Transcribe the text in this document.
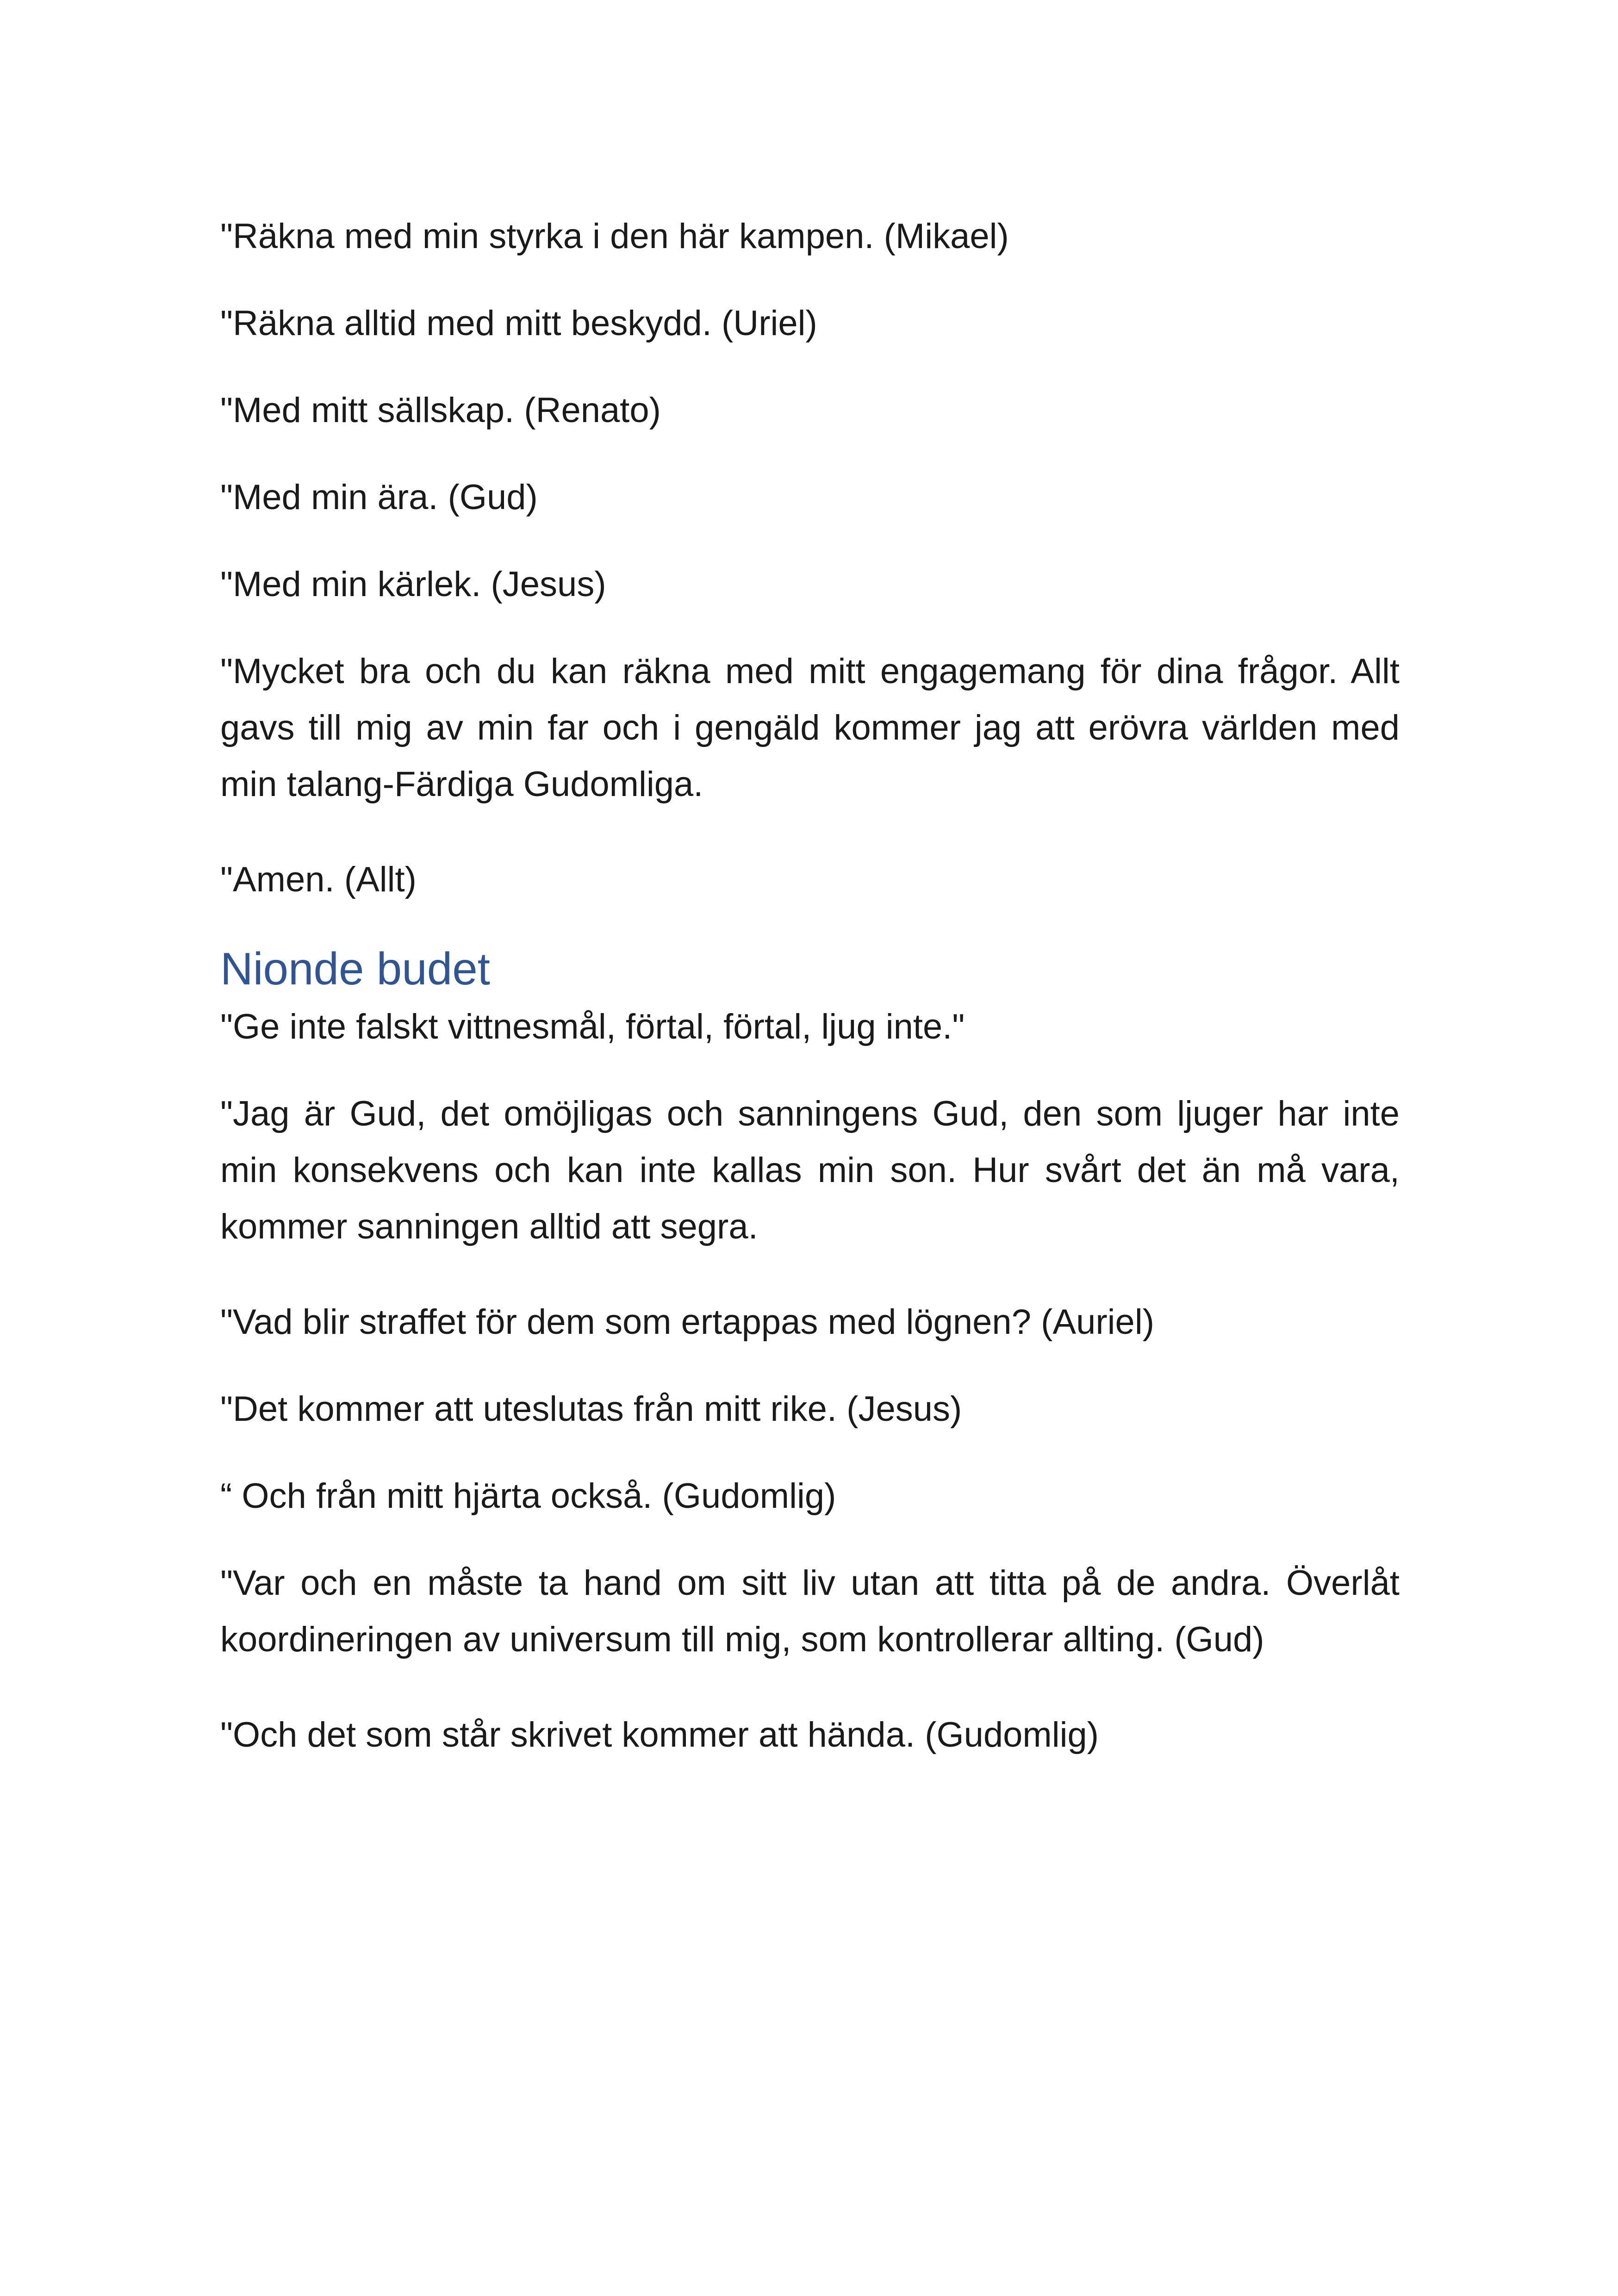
"Räkna med min styrka i den här kampen. (Mikael)

"Räkna alltid med mitt beskydd. (Uriel)

"Med mitt sällskap. (Renato)

"Med min ära. (Gud)

"Med min kärlek. (Jesus)

"Mycket bra och du kan räkna med mitt engagemang för dina frågor. Allt gavs till mig av min far och i gengäld kommer jag att erövra världen med min talang-Färdiga Gudomliga.

"Amen. (Allt)

Nionde budet

"Ge inte falskt vittnesmål, förtal, förtal, ljug inte."

"Jag är Gud, det omöjligas och sanningens Gud, den som ljuger har inte min konsekvens och kan inte kallas min son. Hur svårt det än må vara, kommer sanningen alltid att segra.

"Vad blir straffet för dem som ertappas med lögnen? (Auriel)

"Det kommer att uteslutas från mitt rike. (Jesus)

“ Och från mitt hjärta också. (Gudomlig)

"Var och en måste ta hand om sitt liv utan att titta på de andra. Överlåt koordineringen av universum till mig, som kontrollerar allting. (Gud)

"Och det som står skrivet kommer att hända. (Gudomlig)
